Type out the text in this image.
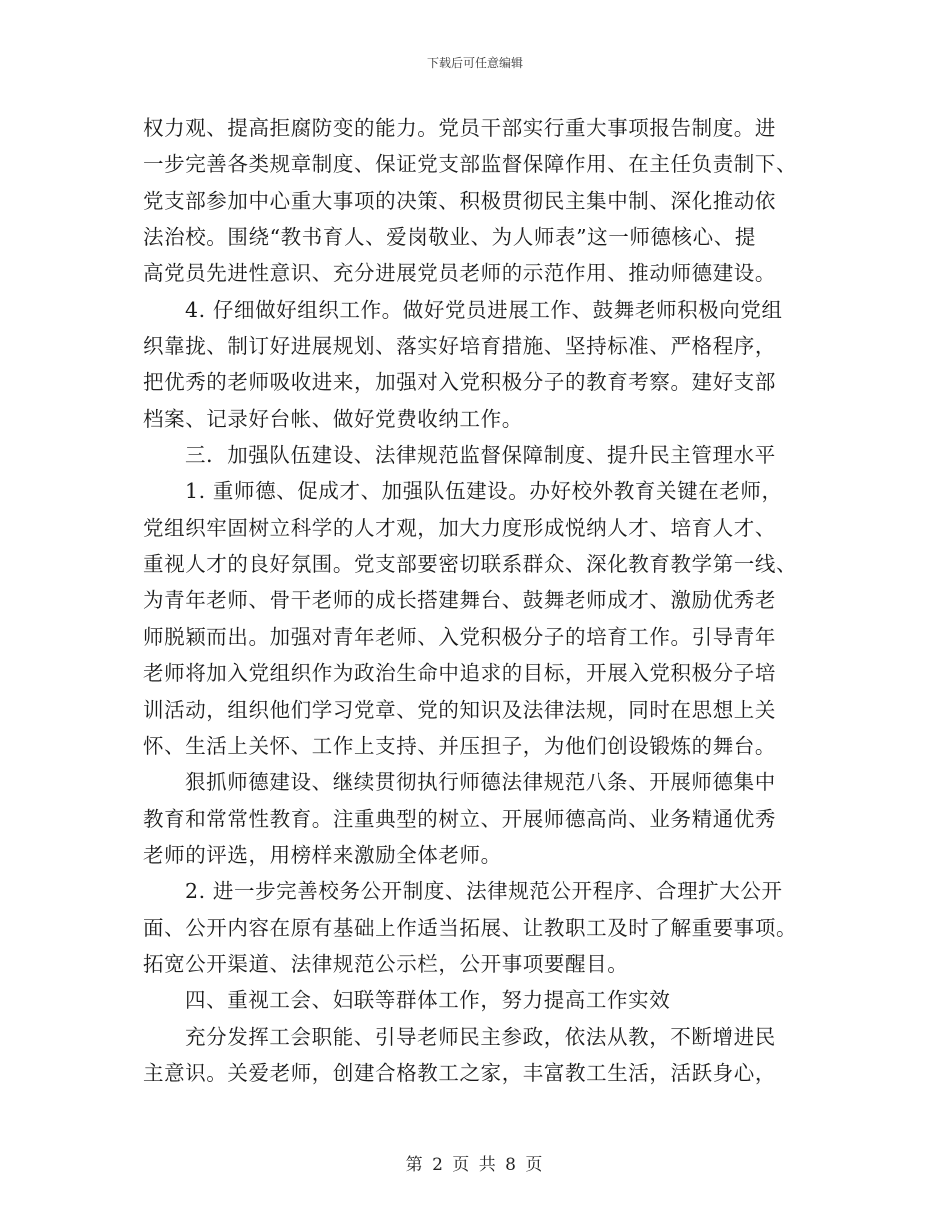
下载后可任意编辑
权力观、提高拒腐防变的能力。党员干部实行重大事项报告制度。进
一步完善各类规章制度、保证党支部监督保障作用、在主任负责制下、
党支部参加中心重大事项的决策、积极贯彻民主集中制、深化推动依
法治校。围绕“教书育人、爱岗敬业、为人师表”这一师德核心、提
高党员先进性意识、充分进展党员老师的示范作用、推动师德建设。
4. 仔细做好组织工作。做好党员进展工作、鼓舞老师积极向党组
织靠拢、制订好进展规划、落实好培育措施、坚持标准、严格程序，
把优秀的老师吸收进来，加强对入党积极分子的教育考察。建好支部
档案、记录好台帐、做好党费收纳工作。
三．加强队伍建设、法律规范监督保障制度、提升民主管理水平
1. 重师德、促成才、加强队伍建设。办好校外教育关键在老师，
党组织牢固树立科学的人才观，加大力度形成悦纳人才、培育人才、
重视人才的良好氛围。党支部要密切联系群众、深化教育教学第一线、
为青年老师、骨干老师的成长搭建舞台、鼓舞老师成才、激励优秀老
师脱颖而出。加强对青年老师、入党积极分子的培育工作。引导青年
老师将加入党组织作为政治生命中追求的目标，开展入党积极分子培
训活动，组织他们学习党章、党的知识及法律法规，同时在思想上关
怀、生活上关怀、工作上支持、并压担子，为他们创设锻炼的舞台。
狠抓师德建设、继续贯彻执行师德法律规范八条、开展师德集中
教育和常常性教育。注重典型的树立、开展师德高尚、业务精通优秀
老师的评选，用榜样来激励全体老师。
2. 进一步完善校务公开制度、法律规范公开程序、合理扩大公开
面、公开内容在原有基础上作适当拓展、让教职工及时了解重要事项。
拓宽公开渠道、法律规范公示栏，公开事项要醒目。
四、重视工会、妇联等群体工作，努力提高工作实效
充分发挥工会职能、引导老师民主参政，依法从教，不断增进民
主意识。关爱老师，创建合格教工之家，丰富教工生活，活跃身心，
第 2 页 共 8 页
